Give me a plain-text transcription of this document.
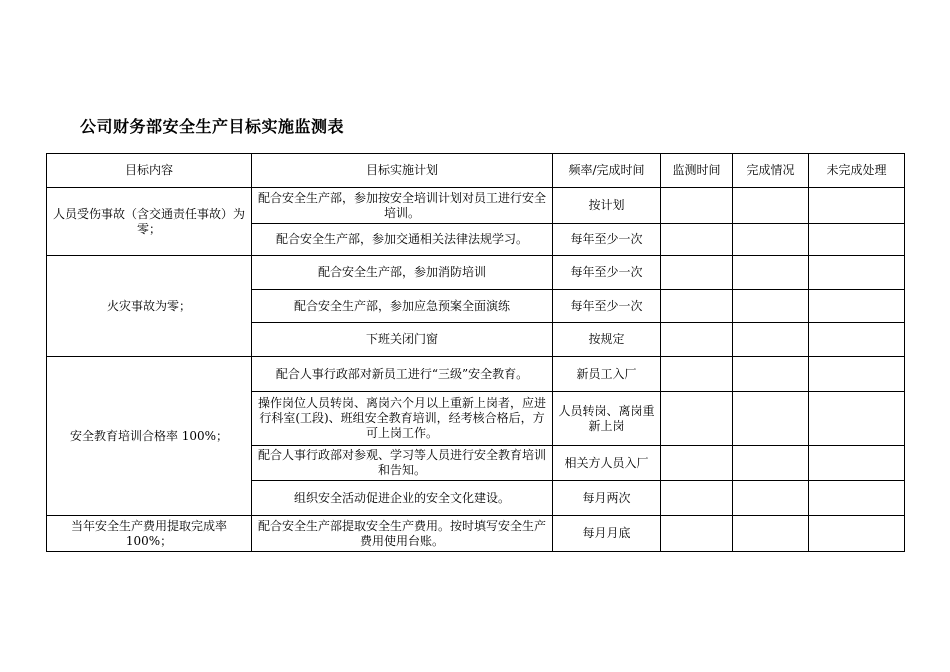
公司财务部安全生产目标实施监测表
目标内容	目标实施计划	频率/完成时间	监测时间	完成情况	未完成处理
人员受伤事故（含交通责任事故）为零；	配合安全生产部，参加按安全培训计划对员工进行安全培训。	按计划			
	配合安全生产部，参加交通相关法律法规学习。	每年至少一次			
火灾事故为零；	配合安全生产部，参加消防培训	每年至少一次			
	配合安全生产部，参加应急预案全面演练	每年至少一次			
	下班关闭门窗	按规定			
安全教育培训合格率 100%；	配合人事行政部对新员工进行“三级”安全教育。	新员工入厂			
	操作岗位人员转岗、离岗六个月以上重新上岗者，应进行科室(工段)、班组安全教育培训，经考核合格后，方可上岗工作。	人员转岗、离岗重新上岗			
	配合人事行政部对参观、学习等人员进行安全教育培训和告知。	相关方人员入厂			
	组织安全活动促进企业的安全文化建设。	每月两次			
当年安全生产费用提取完成率 100%；	配合安全生产部提取安全生产费用。按时填写安全生产费用使用台账。	每月月底			
